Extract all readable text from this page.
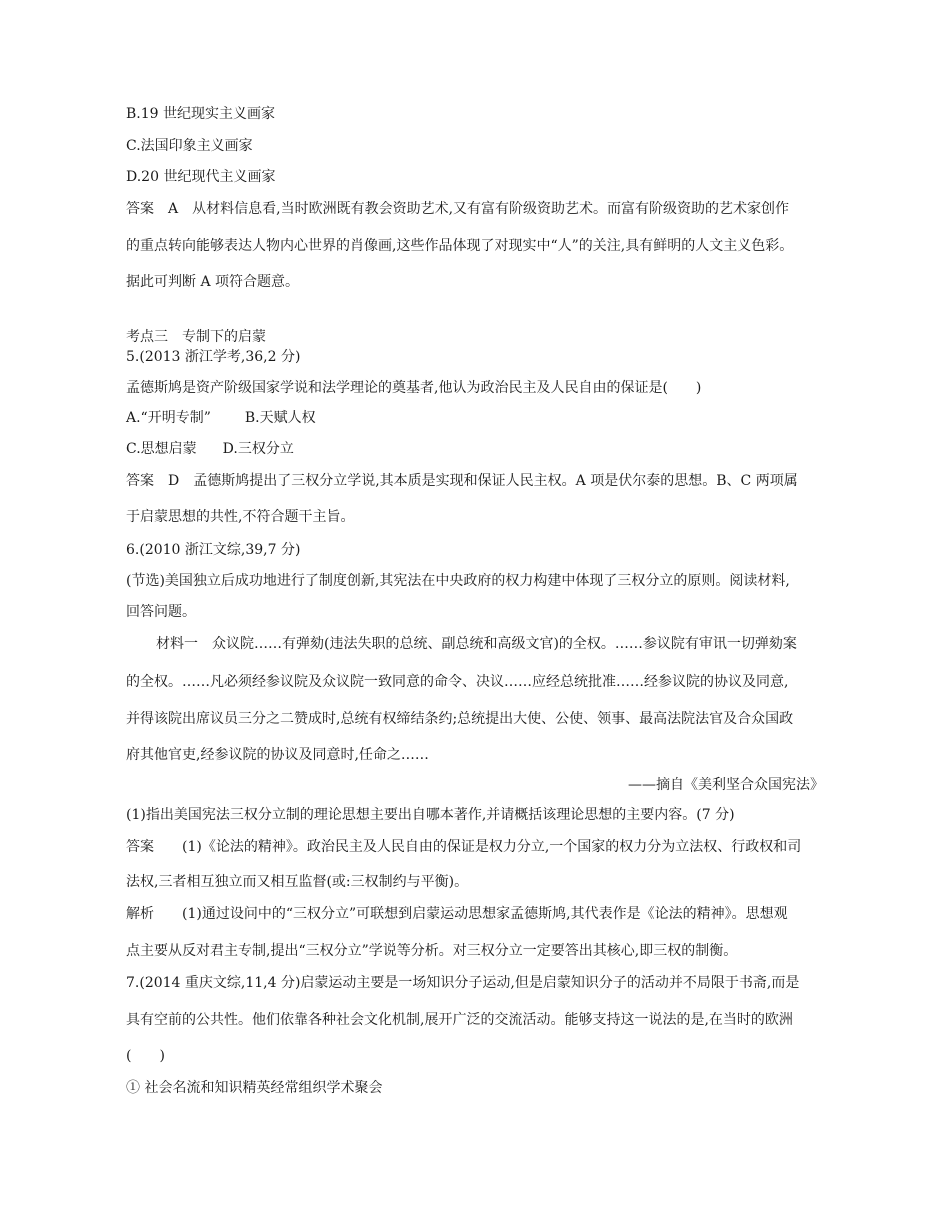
B.19 世纪现实主义画家
C.法国印象主义画家
D.20 世纪现代主义画家
答案 A 从材料信息看,当时欧洲既有教会资助艺术,又有富有阶级资助艺术。而富有阶级资助的艺术家创作
的重点转向能够表达人物内心世界的肖像画,这些作品体现了对现实中“人”的关注,具有鲜明的人文主义色彩。
据此可判断 A 项符合题意。
考点三 专制下的启蒙
5.(2013 浙江学考,36,2 分)
孟德斯鸠是资产阶级国家学说和法学理论的奠基者,他认为政治民主及人民自由的保证是(　　)
A.“开明专制” B.天赋人权
C.思想启蒙 D.三权分立
答案 D 孟德斯鸠提出了三权分立学说,其本质是实现和保证人民主权。A 项是伏尔泰的思想。B、C 两项属
于启蒙思想的共性,不符合题干主旨。
6.(2010 浙江文综,39,7 分)
(节选)美国独立后成功地进行了制度创新,其宪法在中央政府的权力构建中体现了三权分立的原则。阅读材料,
回答问题。
材料一 众议院……有弹劾(违法失职的总统、副总统和高级文官)的全权。……参议院有审讯一切弹劾案
的全权。……凡必须经参议院及众议院一致同意的命令、决议……应经总统批准……经参议院的协议及同意,
并得该院出席议员三分之二赞成时,总统有权缔结条约;总统提出大使、公使、领事、最高法院法官及合众国政
府其他官吏,经参议院的协议及同意时,任命之……
——摘自《美利坚合众国宪法》
(1)指出美国宪法三权分立制的理论思想主要出自哪本著作,并请概括该理论思想的主要内容。(7 分)
答案 (1)《论法的精神》。政治民主及人民自由的保证是权力分立,一个国家的权力分为立法权、行政权和司
法权,三者相互独立而又相互监督(或:三权制约与平衡)。
解析 (1)通过设问中的“三权分立”可联想到启蒙运动思想家孟德斯鸠,其代表作是《论法的精神》。思想观
点主要从反对君主专制,提出“三权分立”学说等分析。对三权分立一定要答出其核心,即三权的制衡。
7.(2014 重庆文综,11,4 分)启蒙运动主要是一场知识分子运动,但是启蒙知识分子的活动并不局限于书斋,而是
具有空前的公共性。他们依靠各种社会文化机制,展开广泛的交流活动。能够支持这一说法的是,在当时的欧洲
(　　)
① 社会名流和知识精英经常组织学术聚会
